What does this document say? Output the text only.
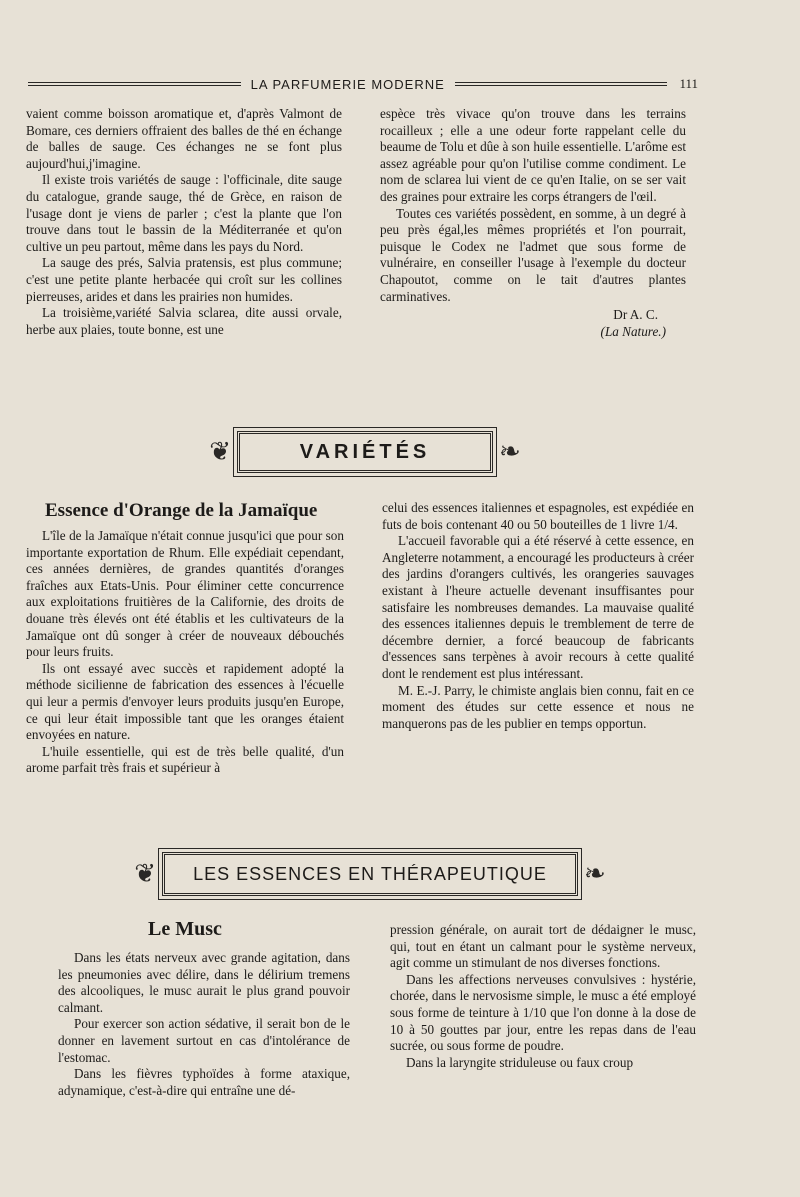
LA PARFUMERIE MODERNE	111

vaient comme boisson aromatique et, d'après Valmont de Bomare, ces derniers offraient des balles de thé en échange de balles de sauge. Ces échanges ne se font plus aujourd'hui,j'imagine.

Il existe trois variétés de sauge : l'officinale, dite sauge du catalogue, grande sauge, thé de Grèce, en raison de l'usage dont je viens de parler ; c'est la plante que l'on trouve dans tout le bassin de la Méditerranée et qu'on cultive un peu partout, même dans les pays du Nord.

La sauge des prés, Salvia pratensis, est plus commune; c'est une petite plante herbacée qui croît sur les collines pierreuses, arides et dans les prairies non humides.

La troisième,variété Salvia sclarea, dite aussi orvale, herbe aux plaies, toute bonne, est une

espèce très vivace qu'on trouve dans les terrains rocailleux ; elle a une odeur forte rappelant celle du beaume de Tolu et dûe à son huile essentielle. L'arôme est assez agréable pour qu'on l'utilise comme condiment. Le nom de sclarea lui vient de ce qu'en Italie, on se ser vait des graines pour extraire les corps étrangers de l'œil.

Toutes ces variétés possèdent, en somme, à un degré à peu près égal,les mêmes propriétés et l'on pourrait, puisque le Codex ne l'admet que sous forme de vulnéraire, en conseiller l'usage à l'exemple du docteur Chapoutot, comme on le tait d'autres plantes carminatives.

Dr A. C.
(La Nature.)
❦	VARIÉTÉS	❧
Essence d'Orange de la Jamaïque

L'île de la Jamaïque n'était connue jusqu'ici que pour son importante exportation de Rhum. Elle expédiait cependant, ces années dernières, de grandes quantités d'oranges fraîches aux Etats-Unis. Pour éliminer cette concurrence aux exploitations fruitières de la Californie, des droits de douane très élevés ont été établis et les cultivateurs de la Jamaïque ont dû songer à créer de nouveaux débouchés pour leurs fruits.

Ils ont essayé avec succès et rapidement adopté la méthode sicilienne de fabrication des essences à l'écuelle qui leur a permis d'envoyer leurs produits jusqu'en Europe, ce qui leur était impossible tant que les oranges étaient envoyées en nature.

L'huile essentielle, qui est de très belle qualité, d'un arome parfait très frais et supérieur à

celui des essences italiennes et espagnoles, est expédiée en futs de bois contenant 40 ou 50 bouteilles de 1 livre 1/4.

L'accueil favorable qui a été réservé à cette essence, en Angleterre notamment, a encouragé les producteurs à créer des jardins d'orangers cultivés, les orangeries sauvages existant à l'heure actuelle devenant insuffisantes pour satisfaire les nombreuses demandes. La mauvaise qualité des essences italiennes depuis le tremblement de terre de décembre dernier, a forcé beaucoup de fabricants d'essences sans terpènes à avoir recours à cette qualité dont le rendement est plus intéressant.

M. E.-J. Parry, le chimiste anglais bien connu, fait en ce moment des études sur cette essence et nous ne manquerons pas de les publier en temps opportun.

❦ LES ESSENCES EN THÉRAPEUTIQUE ❧
Le Musc

Dans les états nerveux avec grande agitation, dans les pneumonies avec délire, dans le délirium tremens des alcooliques, le musc aurait le plus grand pouvoir calmant.

Pour exercer son action sédative, il serait bon de le donner en lavement surtout en cas d'intolérance de l'estomac.

Dans les fièvres typhoïdes à forme ataxique, adynamique, c'est-à-dire qui entraîne une dé-

pression générale, on aurait tort de dédaigner le musc, qui, tout en étant un calmant pour le système nerveux, agit comme un stimulant de nos diverses fonctions.

Dans les affections nerveuses convulsives : hystérie, chorée, dans le nervosisme simple, le musc a été employé sous forme de teinture à 1/10 que l'on donne à la dose de 10 à 50 gouttes par jour, entre les repas dans de l'eau sucrée, ou sous forme de poudre.

Dans la laryngite striduleuse ou faux croup
